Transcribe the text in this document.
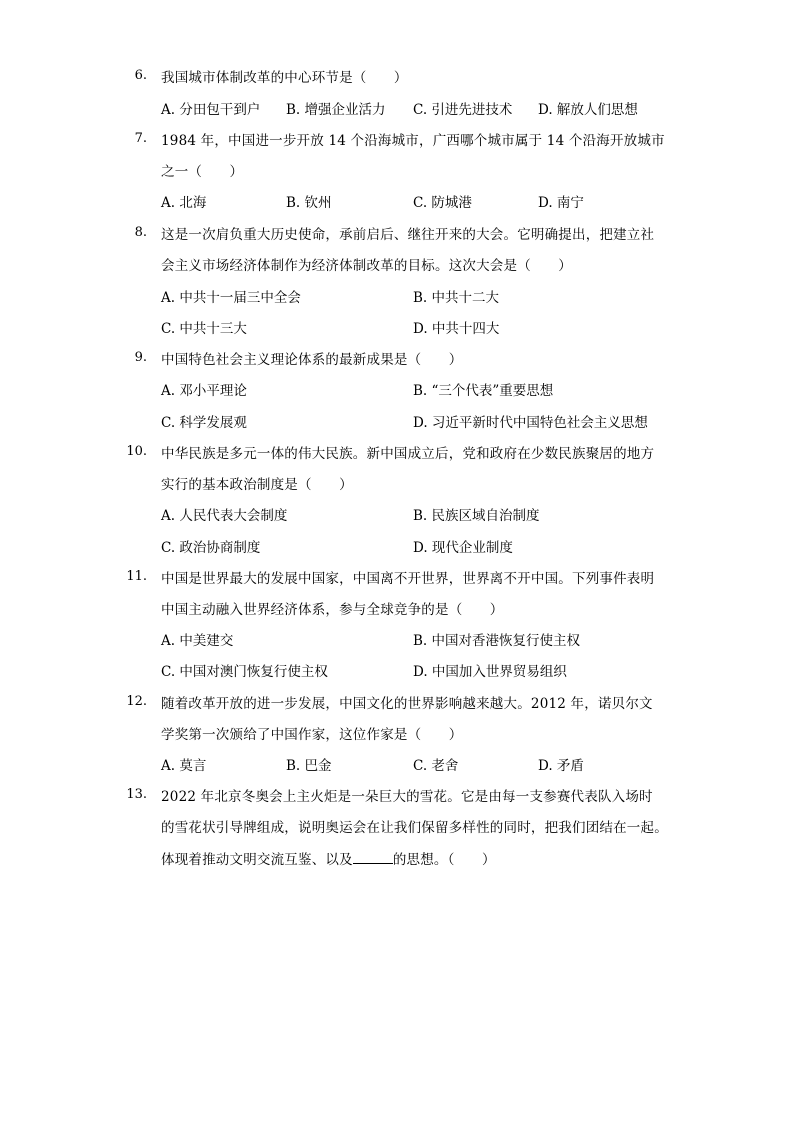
6. 我国城市体制改革的中心环节是（　　）
A. 分田包干到户 B. 增强企业活力 C. 引进先进技术 D. 解放人们思想
7. 1984 年，中国进一步开放 14 个沿海城市，广西哪个城市属于 14 个沿海开放城市
之一（　　）
A. 北海	B. 钦州	C. 防城港	D. 南宁
8. 这是一次肩负重大历史使命，承前启后、继往开来的大会。它明确提出，把建立社
会主义市场经济体制作为经济体制改革的目标。这次大会是（　　）
A. 中共十一届三中全会	B. 中共十二大
C. 中共十三大	D. 中共十四大
9. 中国特色社会主义理论体系的最新成果是（　　）
A. 邓小平理论	B. “三个代表”重要思想
C. 科学发展观	D. 习近平新时代中国特色社会主义思想
10. 中华民族是多元一体的伟大民族。新中国成立后，党和政府在少数民族聚居的地方
实行的基本政治制度是（　　）
A. 人民代表大会制度	B. 民族区域自治制度
C. 政治协商制度	D. 现代企业制度
11. 中国是世界最大的发展中国家，中国离不开世界，世界离不开中国。下列事件表明
中国主动融入世界经济体系，参与全球竞争的是（　　）
A. 中美建交	B. 中国对香港恢复行使主权
C. 中国对澳门恢复行使主权	D. 中国加入世界贸易组织
12. 随着改革开放的进一步发展，中国文化的世界影响越来越大。2012 年，诺贝尔文
学奖第一次颁给了中国作家，这位作家是（　　）
A. 莫言	B. 巴金	C. 老舍	D. 矛盾
13. 2022 年北京冬奥会上主火炬是一朵巨大的雪花。它是由每一支参赛代表队入场时
的雪花状引导牌组成，说明奥运会在让我们保留多样性的同时，把我们团结在一起。
体现着推动文明交流互鉴、以及	的思想。（　　）
